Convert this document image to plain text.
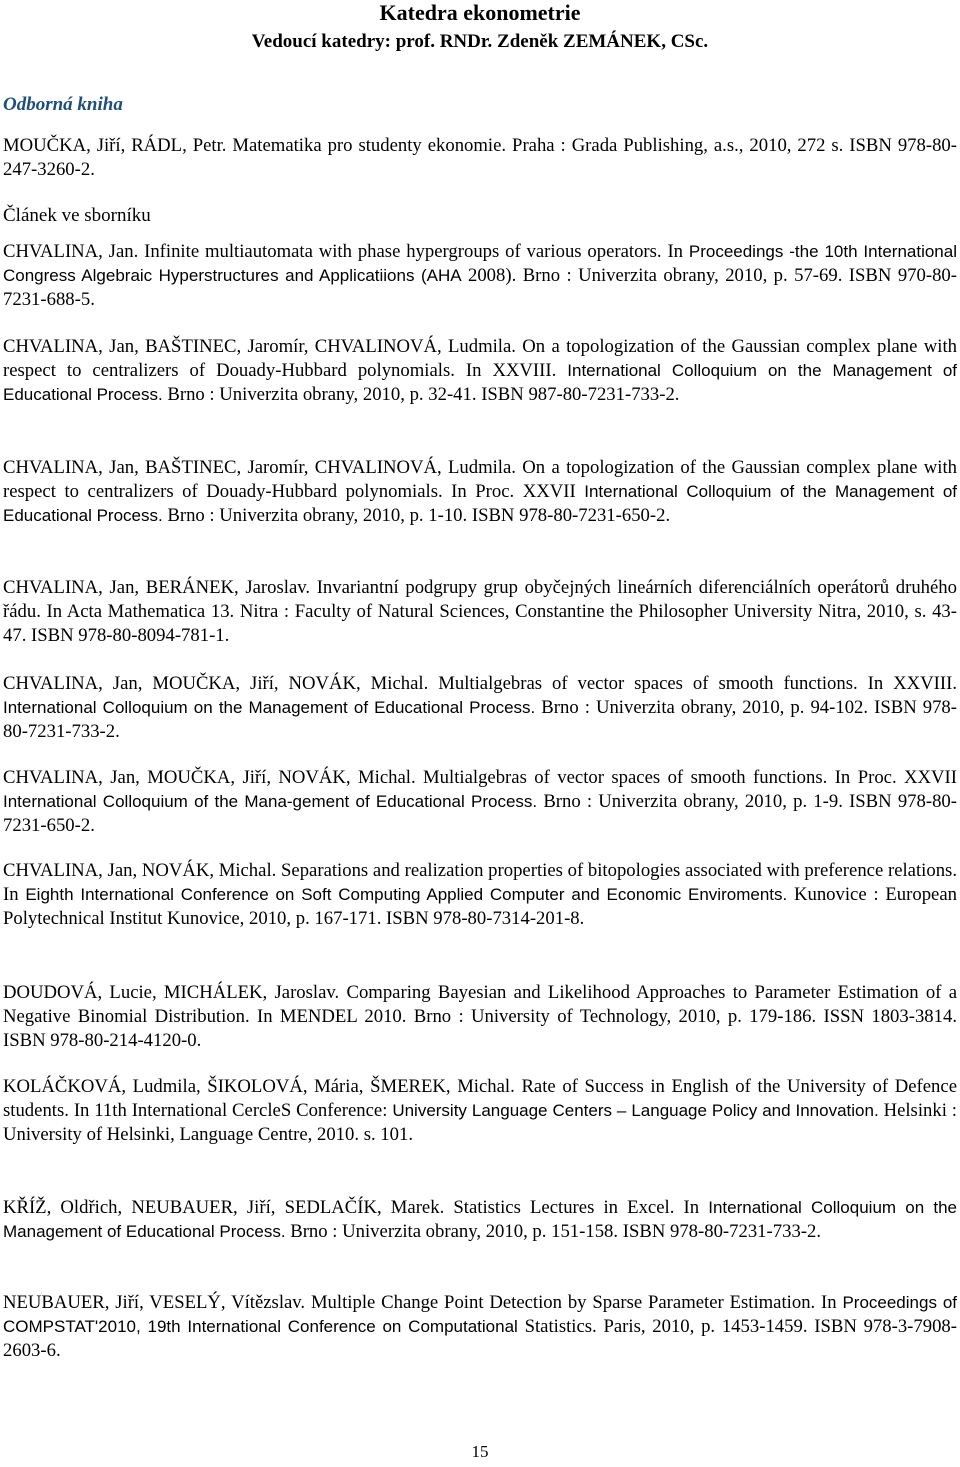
Katedra ekonometrie
Vedoucí katedry: prof. RNDr. Zdeněk ZEMÁNEK, CSc.
Odborná kniha
MOUČKA, Jiří, RÁDL, Petr. Matematika pro studenty ekonomie. Praha : Grada Publishing, a.s., 2010, 272 s. ISBN 978-80-247-3260-2.
Článek ve sborníku
CHVALINA, Jan. Infinite multiautomata with phase hypergroups of various operators. In Proceedings -the 10th International Congress Algebraic Hyperstructures and Applicatiions (AHA 2008). Brno : Univerzita obrany, 2010, p. 57-69. ISBN 970-80-7231-688-5.
CHVALINA, Jan, BAŠTINEC, Jaromír, CHVALINOVÁ, Ludmila. On a topologization of the Gaussian complex plane with respect to centralizers of Douady-Hubbard polynomials. In XXVIII. International Colloquium on the Management of Educational Process. Brno : Univerzita obrany, 2010, p. 32-41. ISBN 987-80-7231-733-2.
CHVALINA, Jan, BAŠTINEC, Jaromír, CHVALINOVÁ, Ludmila. On a topologization of the Gaussian complex plane with respect to centralizers of Douady-Hubbard polynomials. In Proc. XXVII International Colloquium of the Management of Educational Process. Brno : Univerzita obrany, 2010, p. 1-10. ISBN 978-80-7231-650-2.
CHVALINA, Jan, BERÁNEK, Jaroslav. Invariantní podgrupy grup obyčejných lineárních diferenciálních operátorů druhého řádu. In Acta Mathematica 13. Nitra : Faculty of Natural Sciences, Constantine the Philosopher University Nitra, 2010, s. 43-47. ISBN 978-80-8094-781-1.
CHVALINA, Jan, MOUČKA, Jiří, NOVÁK, Michal. Multialgebras of vector spaces of smooth functions. In XXVIII. International Colloquium on the Management of Educational Process. Brno : Univerzita obrany, 2010, p. 94-102. ISBN 978-80-7231-733-2.
CHVALINA, Jan, MOUČKA, Jiří, NOVÁK, Michal. Multialgebras of vector spaces of smooth functions. In Proc. XXVII International Colloquium of the Mana-gement of Educational Process. Brno : Univerzita obrany, 2010, p. 1-9. ISBN 978-80-7231-650-2.
CHVALINA, Jan, NOVÁK, Michal. Separations and realization properties of bitopologies associated with preference relations. In Eighth International Conference on Soft Computing Applied Computer and Economic Enviroments. Kunovice : European Polytechnical Institut Kunovice, 2010, p. 167-171. ISBN 978-80-7314-201-8.
DOUDOVÁ, Lucie, MICHÁLEK, Jaroslav. Comparing Bayesian and Likelihood Approaches to Parameter Estimation of a Negative Binomial Distribution. In MENDEL 2010. Brno : University of Technology, 2010, p. 179-186. ISSN 1803-3814. ISBN 978-80-214-4120-0.
KOLÁČKOVÁ, Ludmila, ŠIKOLOVÁ, Mária, ŠMEREK, Michal. Rate of Success in English of the University of Defence students. In 11th International CercleS Conference: University Language Centers – Language Policy and Innovation. Helsinki : University of Helsinki, Language Centre, 2010. s. 101.
KŘÍŽ, Oldřich, NEUBAUER, Jiří, SEDLAČÍK, Marek. Statistics Lectures in Excel. In International Colloquium on the Management of Educational Process. Brno : Univerzita obrany, 2010, p. 151-158. ISBN 978-80-7231-733-2.
NEUBAUER, Jiří, VESELÝ, Vítězslav. Multiple Change Point Detection by Sparse Parameter Estimation. In Proceedings of COMPSTAT'2010, 19th International Conference on Computational Statistics. Paris, 2010, p. 1453-1459. ISBN 978-3-7908-2603-6.
15
